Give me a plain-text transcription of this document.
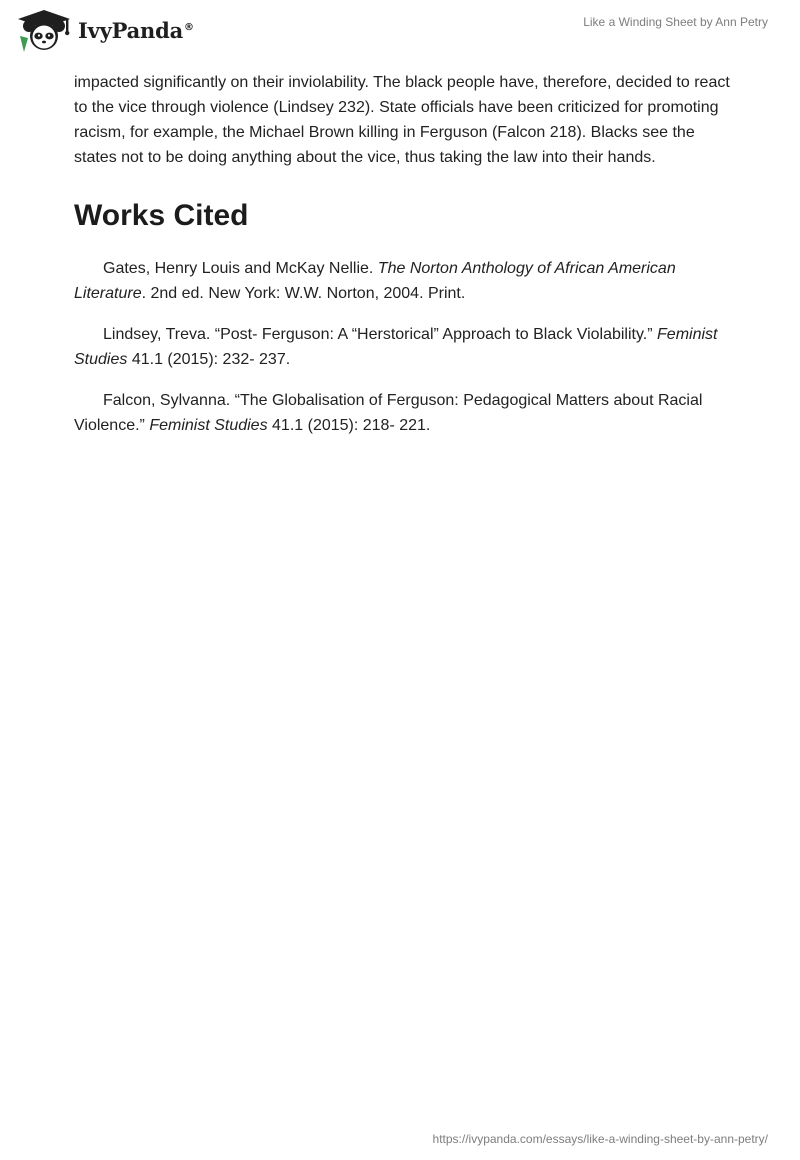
IvyPanda®	Like a Winding Sheet by Ann Petry

impacted significantly on their inviolability. The black people have, therefore, decided to react to the vice through violence (Lindsey 232). State officials have been criticized for promoting racism, for example, the Michael Brown killing in Ferguson (Falcon 218). Blacks see the states not to be doing anything about the vice, thus taking the law into their hands.

Works Cited

Gates, Henry Louis and McKay Nellie. The Norton Anthology of African American Literature. 2nd ed. New York: W.W. Norton, 2004. Print.

Lindsey, Treva. “Post- Ferguson: A “Herstorical” Approach to Black Violability.” Feminist Studies 41.1 (2015): 232- 237.

Falcon, Sylvanna. “The Globalisation of Ferguson: Pedagogical Matters about Racial Violence.” Feminist Studies 41.1 (2015): 218- 221.

https://ivypanda.com/essays/like-a-winding-sheet-by-ann-petry/
